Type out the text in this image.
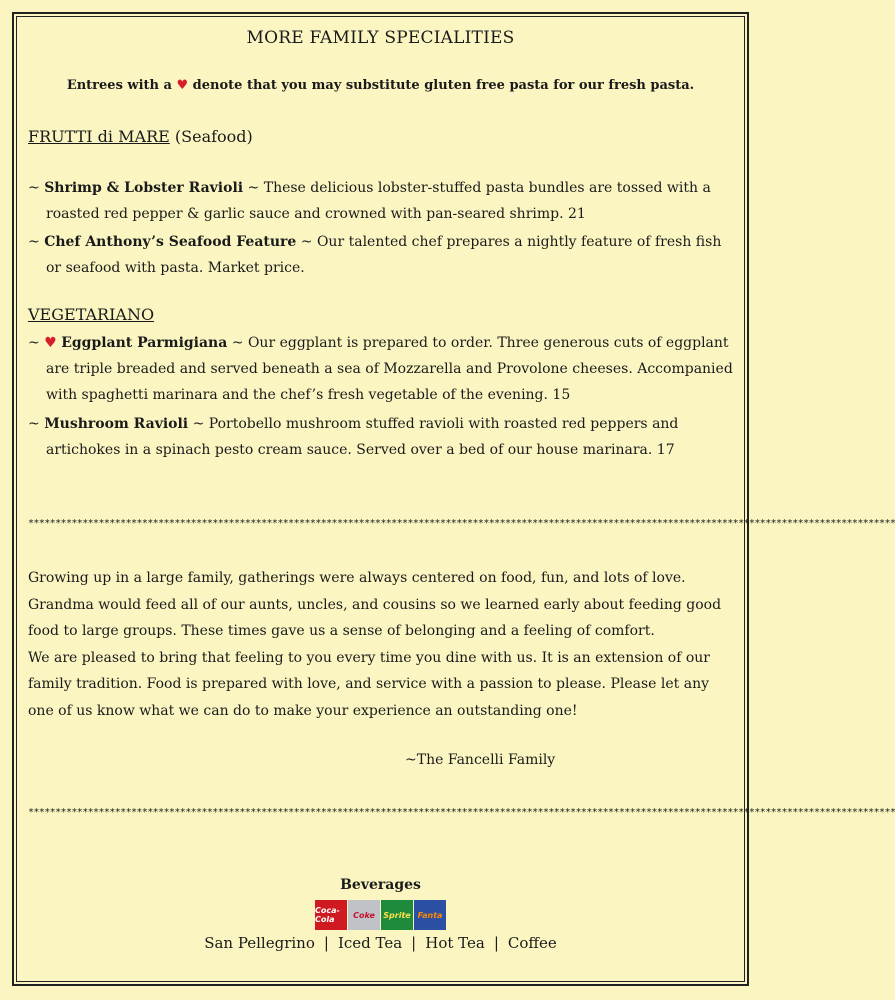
MORE FAMILY SPECIALITIES
Entrees with a ♥ denote that you may substitute gluten free pasta for our fresh pasta.
FRUTTI di MARE (Seafood)
~ Shrimp & Lobster Ravioli ~ These delicious lobster-stuffed pasta bundles are tossed with a roasted red pepper & garlic sauce and crowned with pan-seared shrimp. 21
~ Chef Anthony’s Seafood Feature ~ Our talented chef prepares a nightly feature of fresh fish or seafood with pasta. Market price.
VEGETARIANO
~ ♥ Eggplant Parmigiana ~ Our eggplant is prepared to order. Three generous cuts of eggplant are triple breaded and served beneath a sea of Mozzarella and Provolone cheeses. Accompanied with spaghetti marinara and the chef’s fresh vegetable of the evening. 15
~ Mushroom Ravioli ~ Portobello mushroom stuffed ravioli with roasted red peppers and artichokes in a spinach pesto cream sauce. Served over a bed of our house marinara. 17
****************************************************************************************************************************************************************

Growing up in a large family, gatherings were always centered on food, fun, and lots of love. Grandma would feed all of our aunts, uncles, and cousins so we learned early about feeding good food to large groups. These times gave us a sense of belonging and a feeling of comfort.

We are pleased to bring that feeling to you every time you dine with us. It is an extension of our family tradition. Food is prepared with love, and service with a passion to please. Please let any one of us know what we can do to make your experience an outstanding one!

~The Fancelli Family
****************************************************************************************************************************************************************
Beverages
Coca-Cola	Coke	Sprite Fanta
San Pellegrino | Iced Tea | Hot Tea | Coffee
